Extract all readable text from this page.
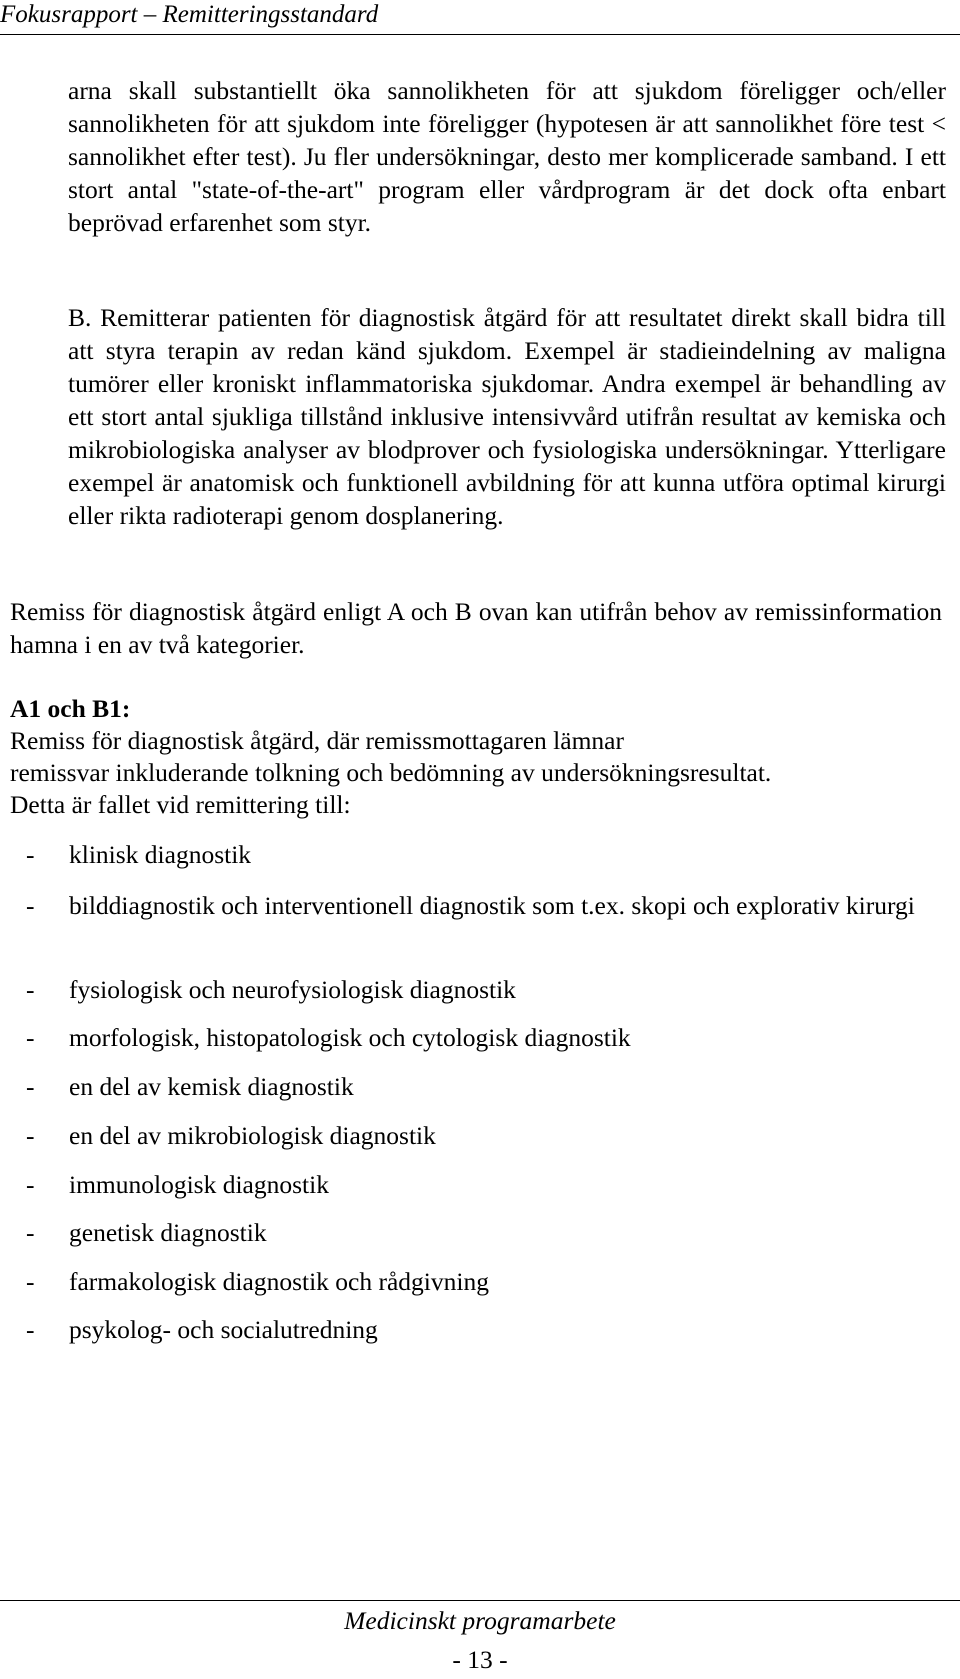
Fokusrapport – Remitteringsstandard

arna skall substantiellt öka sannolikheten för att sjukdom föreligger och/eller sannolikheten för att sjukdom inte föreligger (hypotesen är att sannolikhet före test < sannolikhet efter test). Ju fler undersökningar, desto mer komplicerade samband. I ett stort antal "state-of-the-art" program eller vårdprogram är det dock ofta enbart beprövad erfarenhet som styr.

B. Remitterar patienten för diagnostisk åtgärd för att resultatet direkt skall bidra till att styra terapin av redan känd sjukdom. Exempel är stadieindelning av maligna tumörer eller kroniskt inflammatoriska sjukdomar. Andra exempel är behandling av ett stort antal sjukliga tillstånd inklusive intensivvård utifrån resultat av kemiska och mikrobiologiska analyser av blodprover och fysiologiska undersökningar. Ytterligare exempel är anatomisk och funktionell avbildning för att kunna utföra optimal kirurgi eller rikta radioterapi genom dosplanering.

Remiss för diagnostisk åtgärd enligt A och B ovan kan utifrån behov av remissinformation hamna i en av två kategorier.

A1 och B1:

Remiss för diagnostisk åtgärd, där remissmottagaren lämnar

remissvar inkluderande tolkning och bedömning av undersökningsresultat.

Detta är fallet vid remittering till:

- klinisk diagnostik
- bilddiagnostik och interventionell diagnostik som t.ex. skopi och explorativ kirurgi
- fysiologisk och neurofysiologisk diagnostik
- morfologisk, histopatologisk och cytologisk diagnostik
- en del av kemisk diagnostik
- en del av mikrobiologisk diagnostik
- immunologisk diagnostik
- genetisk diagnostik
- farmakologisk diagnostik och rådgivning
- psykolog- och socialutredning
Medicinskt programarbete
- 13 -
